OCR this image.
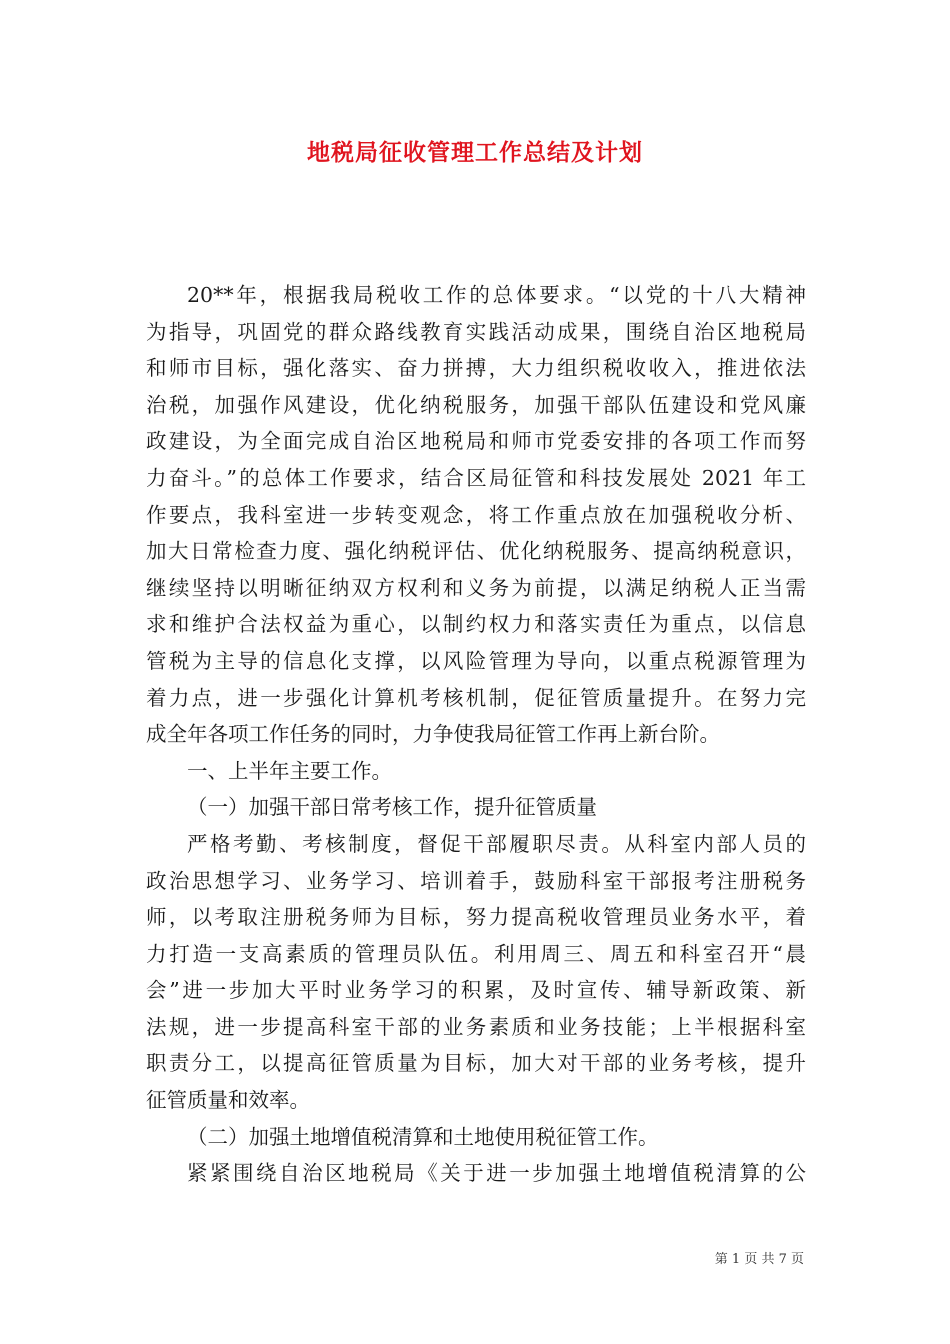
地税局征收管理工作总结及计划
20**年，根据我局税收工作的总体要求。“以党的十八大精神
为指导，巩固党的群众路线教育实践活动成果，围绕自治区地税局
和师市目标，强化落实、奋力拼搏，大力组织税收收入，推进依法
治税，加强作风建设，优化纳税服务，加强干部队伍建设和党风廉
政建设，为全面完成自治区地税局和师市党委安排的各项工作而努
力奋斗。”的总体工作要求，结合区局征管和科技发展处 2021 年工
作要点，我科室进一步转变观念，将工作重点放在加强税收分析、
加大日常检查力度、强化纳税评估、优化纳税服务、提高纳税意识，
继续坚持以明晰征纳双方权利和义务为前提，以满足纳税人正当需
求和维护合法权益为重心，以制约权力和落实责任为重点，以信息
管税为主导的信息化支撑，以风险管理为导向，以重点税源管理为
着力点，进一步强化计算机考核机制，促征管质量提升。在努力完
成全年各项工作任务的同时，力争使我局征管工作再上新台阶。
一、上半年主要工作。
（一）加强干部日常考核工作，提升征管质量
严格考勤、考核制度，督促干部履职尽责。从科室内部人员的
政治思想学习、业务学习、培训着手，鼓励科室干部报考注册税务
师，以考取注册税务师为目标，努力提高税收管理员业务水平，着
力打造一支高素质的管理员队伍。利用周三、周五和科室召开“晨
会”进一步加大平时业务学习的积累，及时宣传、辅导新政策、新
法规，进一步提高科室干部的业务素质和业务技能；上半根据科室
职责分工，以提高征管质量为目标，加大对干部的业务考核，提升
征管质量和效率。
（二）加强土地增值税清算和土地使用税征管工作。
紧紧围绕自治区地税局《关于进一步加强土地增值税清算的公
第 1 页 共 7 页
